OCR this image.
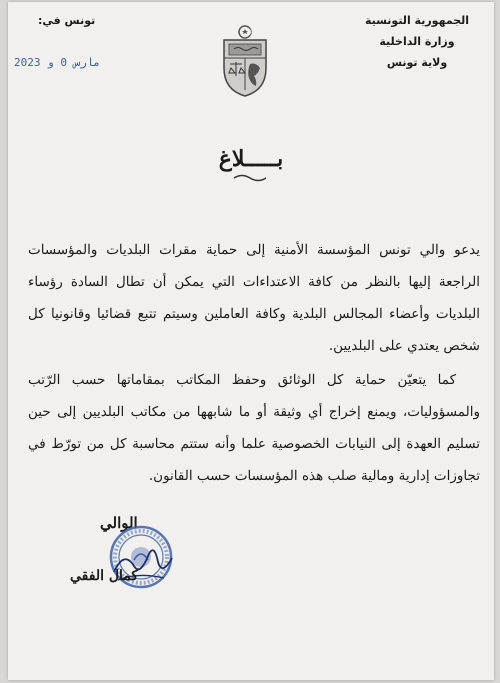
الجمهورية التونسية
وزارة الداخلية
ولاية تونس
تونس في:
2023 مارس 0 و
بـــــلاغ

يدعو والي تونس المؤسسة الأمنية إلى حماية مقرات البلديات والمؤسسات الراجعة إليها بالنظر من كافة الاعتداءات التي يمكن أن تطال السادة رؤساء البلديات وأعضاء المجالس البلدية وكافة العاملين وسيتم تتبع قضائيا وقانونيا كل شخص يعتدي على البلديين.

كما يتعيّن حماية كل الوثائق وحفظ المكاتب بمقاماتها حسب الرّتب والمسؤوليات، ويمنع إخراج أي وثيقة أو ما شابهها من مكاتب البلديين إلى حين تسليم العهدة إلى النيابات الخصوصية علما وأنه ستتم محاسبة كل من تورّط في تجاوزات إدارية ومالية صلب هذه المؤسسات حسب القانون.

الوالي
كمال الفقي
